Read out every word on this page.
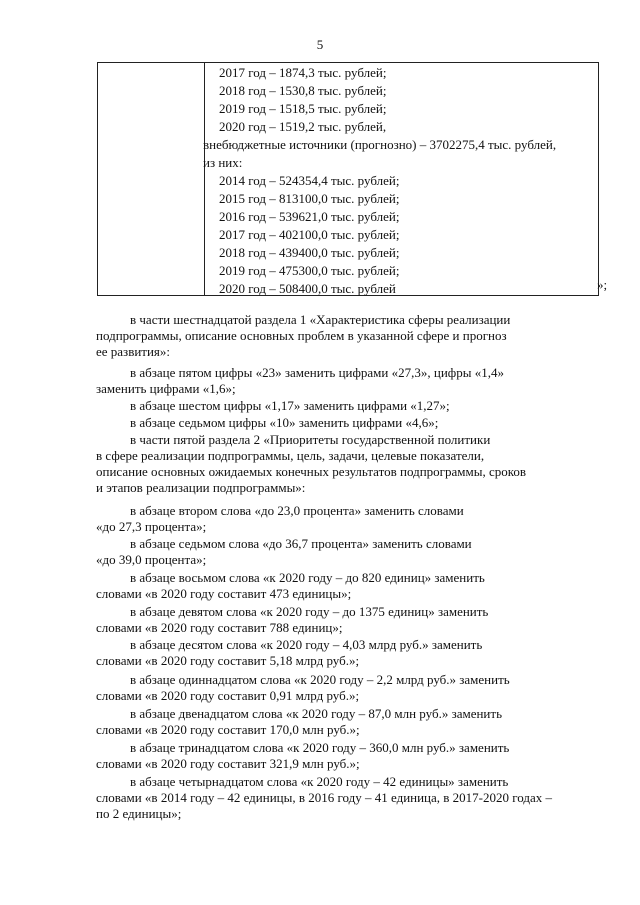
5
2017 год – 1874,3 тыс. рублей;
2018 год – 1530,8 тыс. рублей;
2019 год – 1518,5 тыс. рублей;
2020 год – 1519,2 тыс. рублей,
внебюджетные источники (прогнозно) – 3702275,4 тыс. рублей,
из них:
2014 год – 524354,4 тыс. рублей;
2015 год – 813100,0 тыс. рублей;
2016 год – 539621,0 тыс. рублей;
2017 год – 402100,0 тыс. рублей;
2018 год – 439400,0 тыс. рублей;
2019 год – 475300,0 тыс. рублей;
2020 год – 508400,0 тыс. рублей	»;
в части шестнадцатой раздела 1 «Характеристика сферы реализации
подпрограммы, описание основных проблем в указанной сфере и прогноз
ее развития»:
в абзаце пятом цифры «23» заменить цифрами «27,3», цифры «1,4»
заменить цифрами «1,6»;
в абзаце шестом цифры «1,17» заменить цифрами «1,27»;
в абзаце седьмом цифры «10» заменить цифрами «4,6»;
в части пятой раздела 2 «Приоритеты государственной политики
в сфере реализации подпрограммы, цель, задачи, целевые показатели,
описание основных ожидаемых конечных результатов подпрограммы, сроков
и этапов реализации подпрограммы»:
в абзаце втором слова «до 23,0 процента» заменить словами
«до 27,3 процента»;
в абзаце седьмом слова «до 36,7 процента» заменить словами
«до 39,0 процента»;
в абзаце восьмом слова «к 2020 году – до 820 единиц» заменить
словами «в 2020 году составит 473 единицы»;
в абзаце девятом слова «к 2020 году – до 1375 единиц» заменить
словами «в 2020 году составит 788 единиц»;
в абзаце десятом слова «к 2020 году – 4,03 млрд руб.» заменить
словами «в 2020 году составит 5,18 млрд руб.»;
в абзаце одиннадцатом слова «к 2020 году – 2,2 млрд руб.» заменить
словами «в 2020 году составит 0,91 млрд руб.»;
в абзаце двенадцатом слова «к 2020 году – 87,0 млн руб.» заменить
словами «в 2020 году составит 170,0 млн руб.»;
в абзаце тринадцатом слова «к 2020 году – 360,0 млн руб.» заменить
словами «в 2020 году составит 321,9 млн руб.»;
в абзаце четырнадцатом слова «к 2020 году – 42 единицы» заменить
словами «в 2014 году – 42 единицы, в 2016 году – 41 единица, в 2017-2020 годах –
по 2 единицы»;
